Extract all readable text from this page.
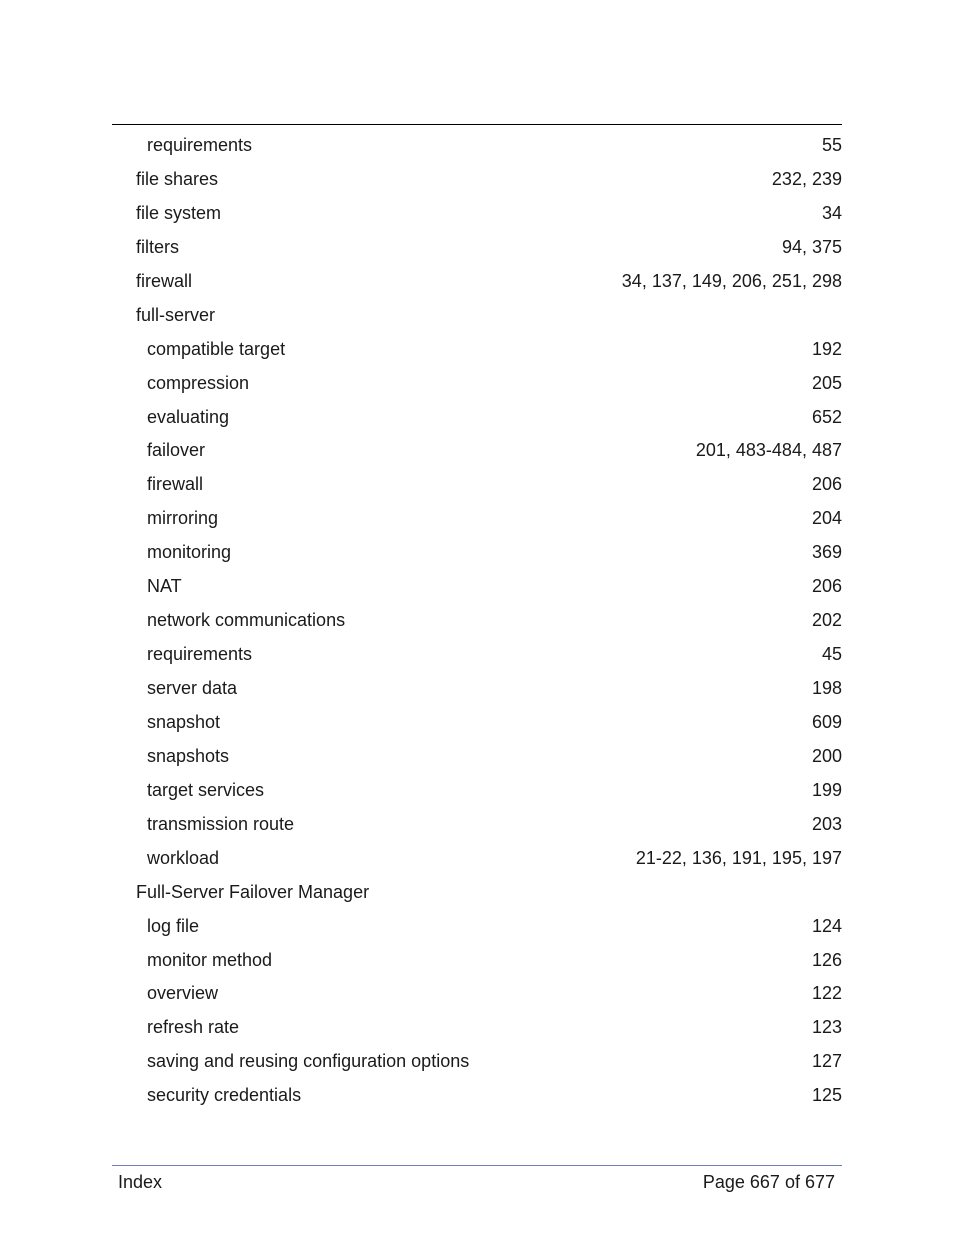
requirements	55
file shares	232, 239
file system	34
filters	94, 375
firewall	34, 137, 149, 206, 251, 298
full-server
compatible target	192
compression	205
evaluating	652
failover	201, 483-484, 487
firewall	206
mirroring	204
monitoring	369
NAT	206
network communications	202
requirements	45
server data	198
snapshot	609
snapshots	200
target services	199
transmission route	203
workload	21-22, 136, 191, 195, 197
Full-Server Failover Manager
log file	124
monitor method	126
overview	122
refresh rate	123
saving and reusing configuration options	127
security credentials	125
Index	Page 667 of 677
